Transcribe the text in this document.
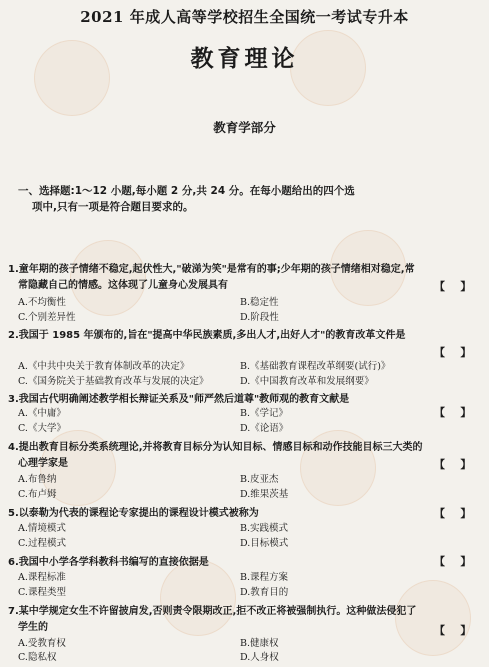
2021 年成人高等学校招生全国统一考试专升本
教育理论
教育学部分
一、选择题:1～12 小题,每小题 2 分,共 24 分。在每小题给出的四个选
项中,只有一项是符合题目要求的。
1.童年期的孩子情绪不稳定,起伏性大,"破涕为笑"是常有的事;少年期的孩子情绪相对稳定,常
常隐藏自己的情感。这体现了儿童身心发展具有	【    】
A.不均衡性	B.稳定性
C.个别差异性	D.阶段性
2.我国于 1985 年颁布的,旨在"提高中华民族素质,多出人才,出好人才"的教育改革文件是
【    】
A.《中共中央关于教育体制改革的决定》	B.《基础教育课程改革纲要(试行)》
C.《国务院关于基础教育改革与发展的决定》	D.《中国教育改革和发展纲要》
3.我国古代明确阐述教学相长辩证关系及"师严然后道尊"教师观的教育文献是
【    】
A.《中庸》	B.《学记》
C.《大学》	D.《论语》
4.提出教育目标分类系统理论,并将教育目标分为认知目标、情感目标和动作技能目标三大类的
心理学家是	【    】
A.布鲁纳	B.皮亚杰
C.布卢姆	D.维果茨基
5.以泰勒为代表的课程论专家提出的课程设计模式被称为	【    】
A.情境模式	B.实践模式
C.过程模式	D.目标模式
6.我国中小学各学科教科书编写的直接依据是	【    】
A.课程标准	B.课程方案
C.课程类型	D.教育目的
7.某中学规定女生不许留披肩发,否则责令限期改正,拒不改正将被强制执行。这种做法侵犯了
学生的	【    】
A.受教育权	B.健康权
C.隐私权	D.人身权
